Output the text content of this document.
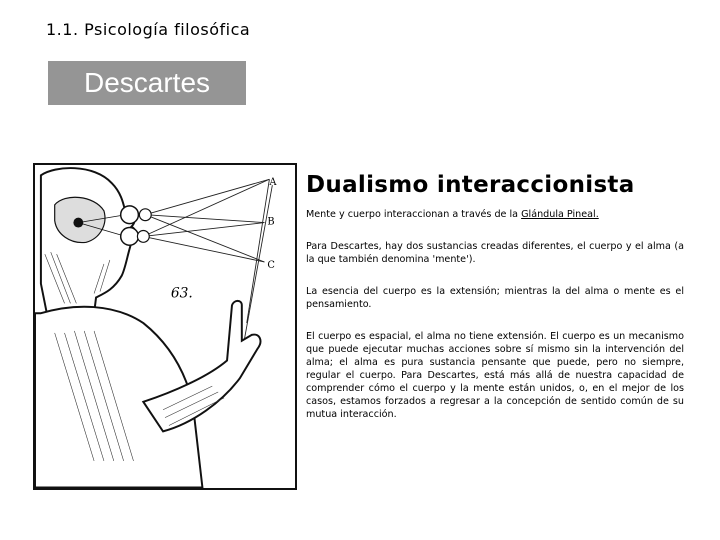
1.1. Psicología filosófica
Descartes
A
B
C
63.
Dualismo interaccionista
Mente y cuerpo interaccionan a través de la Glándula Pineal.
Para Descartes, hay dos sustancias creadas diferentes, el cuerpo y el alma (a la que también denomina 'mente').
La esencia del cuerpo es la extensión; mientras la del alma o mente es el pensamiento.
El cuerpo es espacial, el alma no tiene extensión. El cuerpo es un mecanismo que puede ejecutar muchas acciones sobre sí mismo sin la intervención del alma; el alma es pura sustancia pensante que puede, pero no siempre, regular el cuerpo. Para Descartes, está más allá de nuestra capacidad de comprender cómo el cuerpo y la mente están unidos, o, en el mejor de los casos, estamos forzados a regresar a la concepción de sentido común de su mutua interacción.
